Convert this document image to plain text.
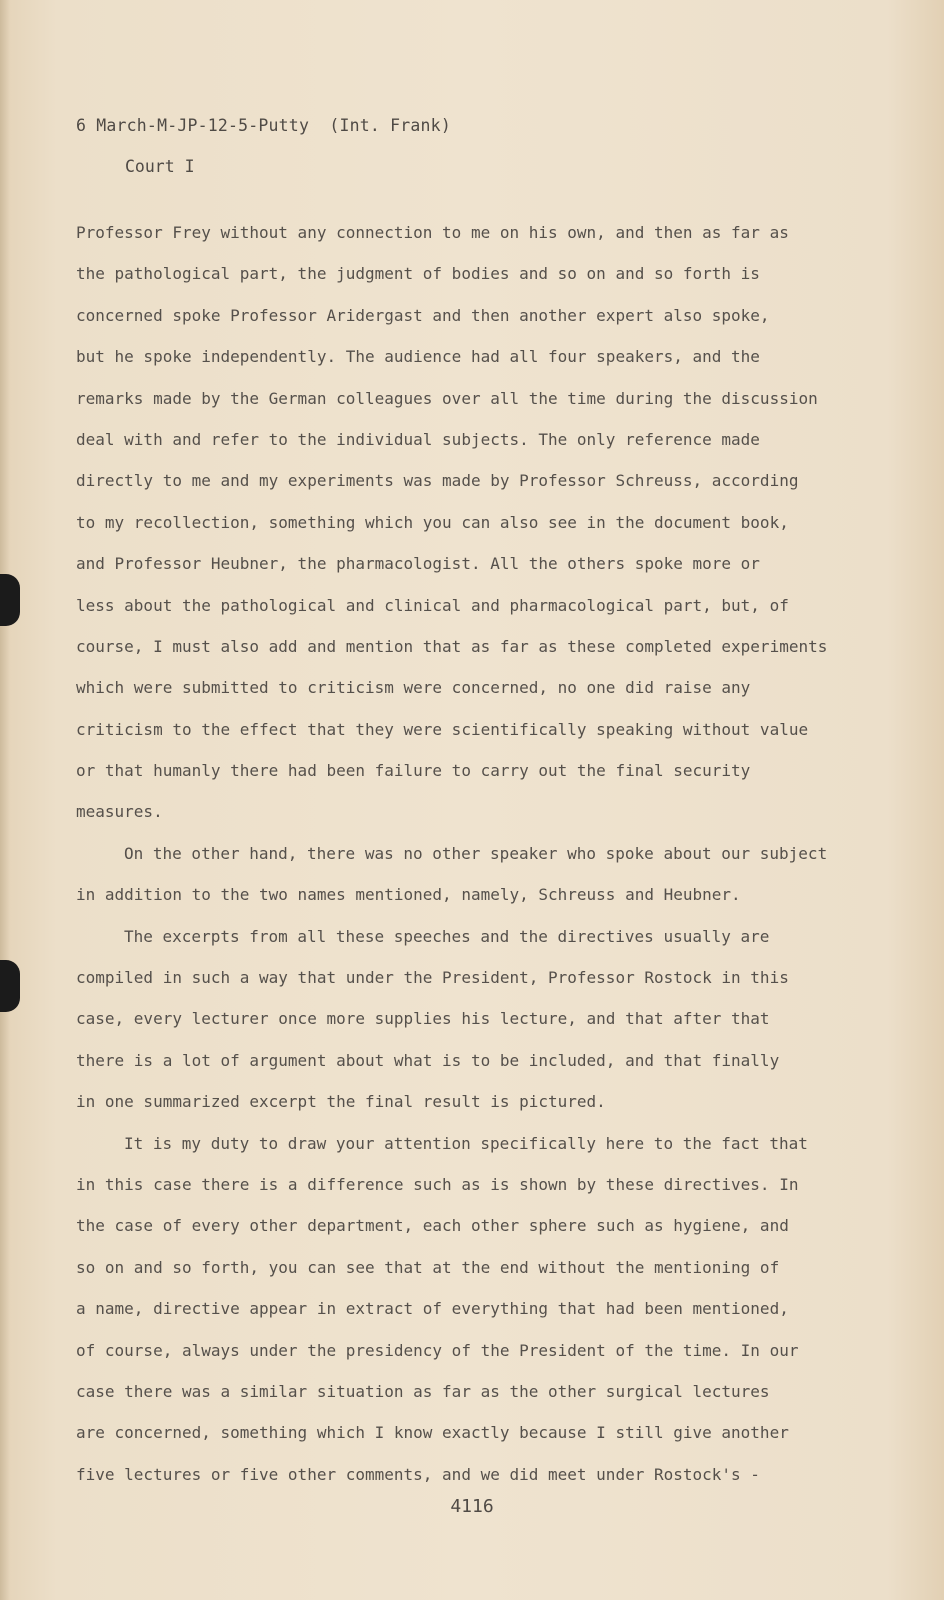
6 March-M-JP-12-5-Putty  (Int. Frank)
Court I
Professor Frey without any connection to me on his own, and then as far as
the pathological part, the judgment of bodies and so on and so forth is
concerned spoke Professor Aridergast and then another expert also spoke,
but he spoke independently. The audience had all four speakers, and the
remarks made by the German colleagues over all the time during the discussion
deal with and refer to the individual subjects. The only reference made
directly to me and my experiments was made by Professor Schreuss, according
to my recollection, something which you can also see in the document book,
and Professor Heubner, the pharmacologist. All the others spoke more or
less about the pathological and clinical and pharmacological part, but, of
course, I must also add and mention that as far as these completed experiments
which were submitted to criticism were concerned, no one did raise any
criticism to the effect that they were scientifically speaking without value
or that humanly there had been failure to carry out the final security
measures.
On the other hand, there was no other speaker who spoke about our subject
in addition to the two names mentioned, namely, Schreuss and Heubner.
The excerpts from all these speeches and the directives usually are
compiled in such a way that under the President, Professor Rostock in this
case, every lecturer once more supplies his lecture, and that after that
there is a lot of argument about what is to be included, and that finally
in one summarized excerpt the final result is pictured.
It is my duty to draw your attention specifically here to the fact that
in this case there is a difference such as is shown by these directives. In
the case of every other department, each other sphere such as hygiene, and
so on and so forth, you can see that at the end without the mentioning of
a name, directive appear in extract of everything that had been mentioned,
of course, always under the presidency of the President of the time. In our
case there was a similar situation as far as the other surgical lectures
are concerned, something which I know exactly because I still give another
five lectures or five other comments, and we did meet under Rostock's -
4116
